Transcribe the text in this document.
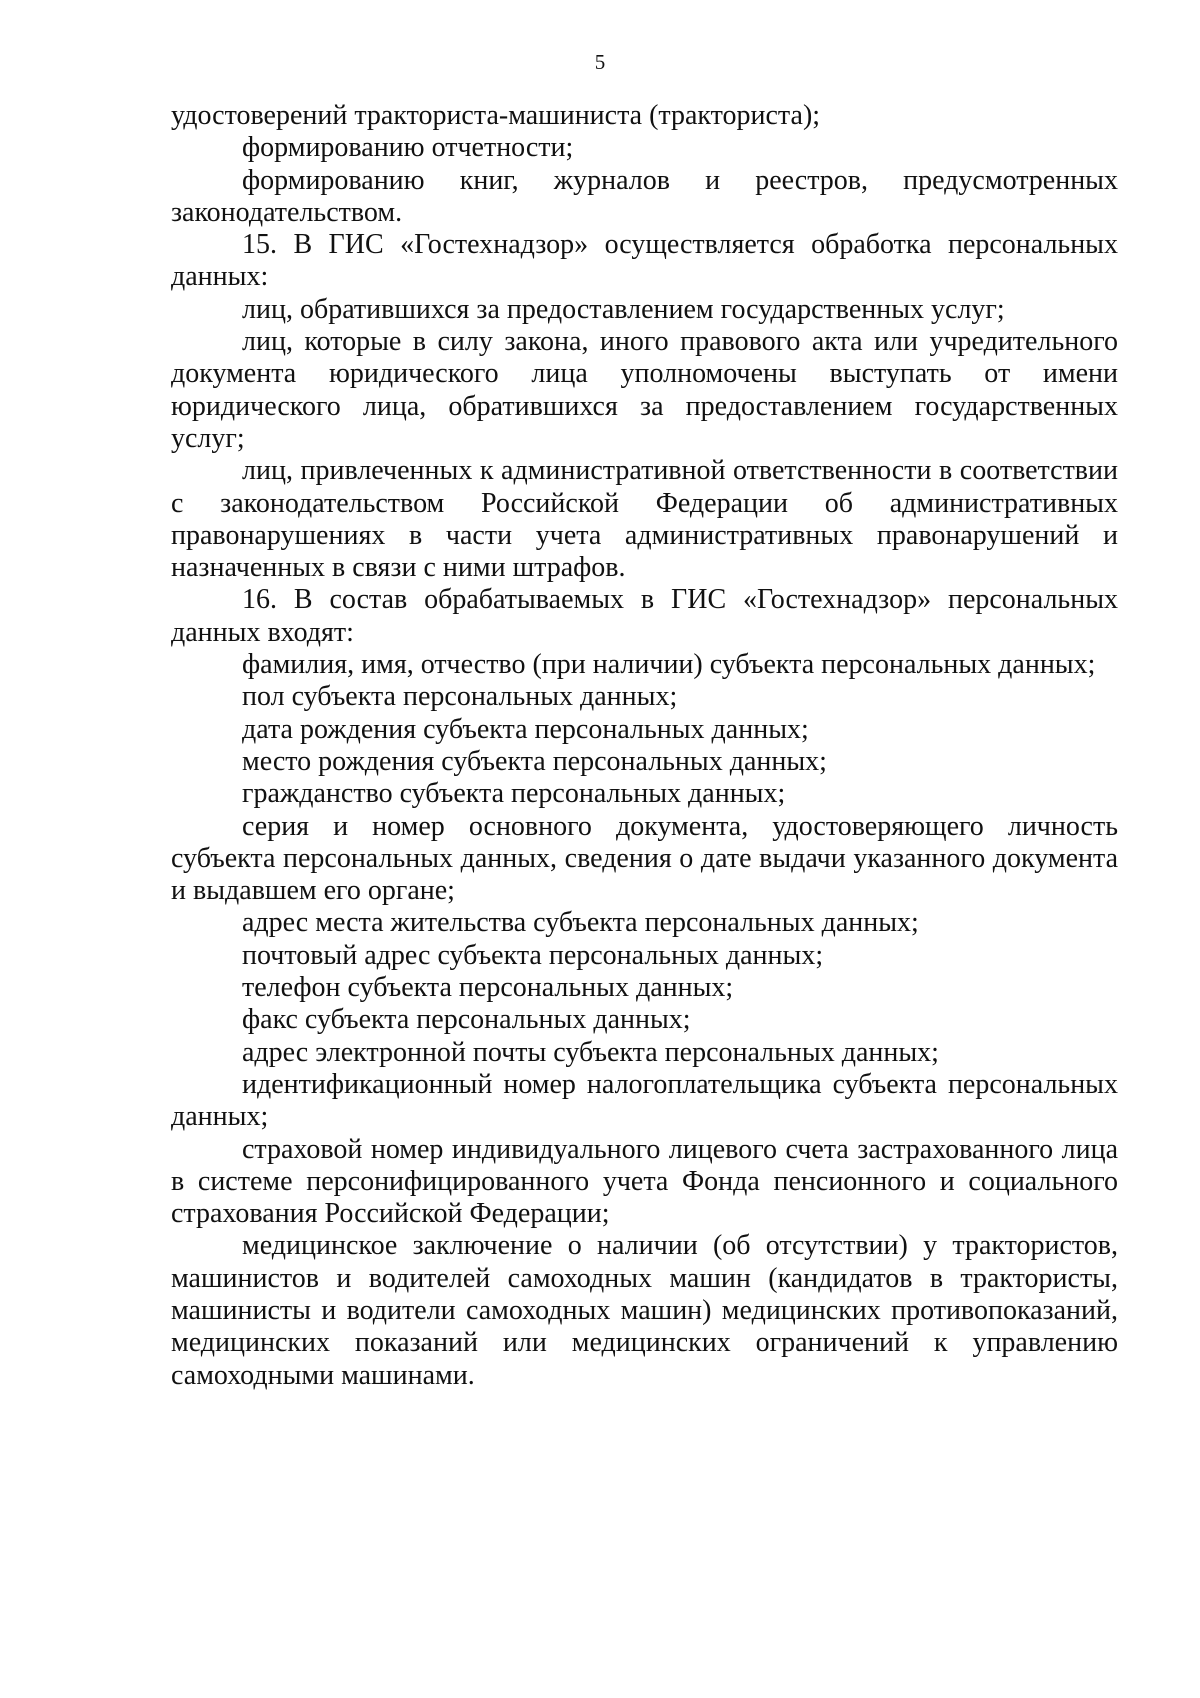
5

удостоверений тракториста-машиниста (тракториста);

формированию отчетности;

формированию книг, журналов и реестров, предусмотренных законодательством.

15. В ГИС «Гостехнадзор» осуществляется обработка персональных данных:

лиц, обратившихся за предоставлением государственных услуг;

лиц, которые в силу закона, иного правового акта или учредительного документа юридического лица уполномочены выступать от имени юридического лица, обратившихся за предоставлением государственных услуг;

лиц, привлеченных к административной ответственности в соответствии с законодательством Российской Федерации об административных правонарушениях в части учета административных правонарушений и назначенных в связи с ними штрафов.

16. В состав обрабатываемых в ГИС «Гостехнадзор» персональных данных входят:

фамилия, имя, отчество (при наличии) субъекта персональных данных;

пол субъекта персональных данных;

дата рождения субъекта персональных данных;

место рождения субъекта персональных данных;

гражданство субъекта персональных данных;

серия и номер основного документа, удостоверяющего личность субъекта персональных данных, сведения о дате выдачи указанного документа и выдавшем его органе;

адрес места жительства субъекта персональных данных;

почтовый адрес субъекта персональных данных;

телефон субъекта персональных данных;

факс субъекта персональных данных;

адрес электронной почты субъекта персональных данных;

идентификационный номер налогоплательщика субъекта персональных данных;

страховой номер индивидуального лицевого счета застрахованного лица в системе персонифицированного учета Фонда пенсионного и социального страхования Российской Федерации;

медицинское заключение о наличии (об отсутствии) у трактористов, машинистов и водителей самоходных машин (кандидатов в трактористы, машинисты и водители самоходных машин) медицинских противопоказаний, медицинских показаний или медицинских ограничений к управлению самоходными машинами.
